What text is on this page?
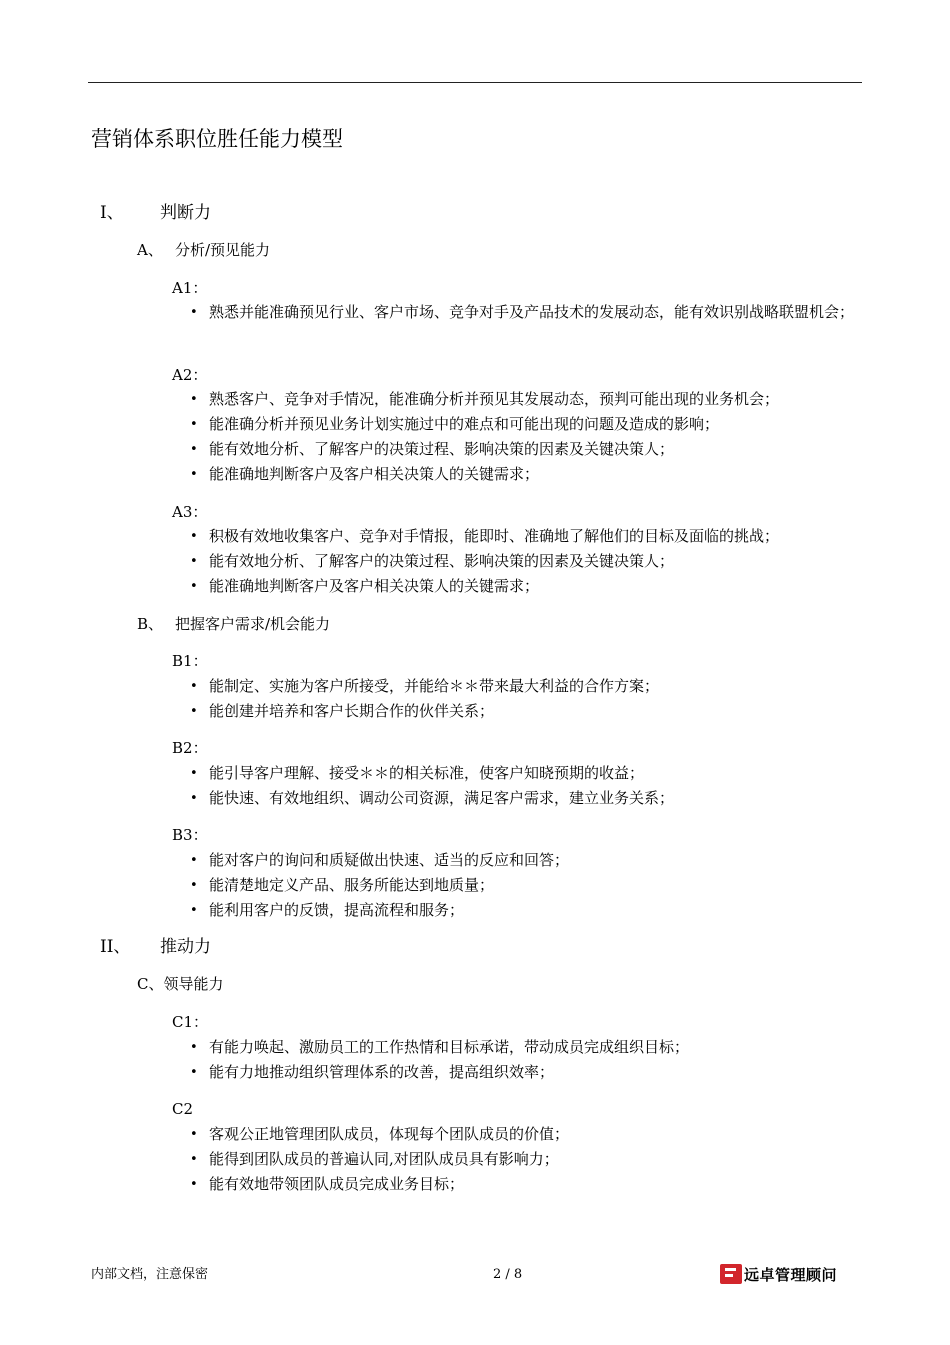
营销体系职位胜任能力模型
I、 判断力
A、 分析/预见能力
A1：
• 熟悉并能准确预见行业、客户市场、竞争对手及产品技术的发展动态，能有效识别战略联盟机会；
A2：
• 熟悉客户、竞争对手情况，能准确分析并预见其发展动态，预判可能出现的业务机会；
• 能准确分析并预见业务计划实施过中的难点和可能出现的问题及造成的影响；
• 能有效地分析、了解客户的决策过程、影响决策的因素及关键决策人；
• 能准确地判断客户及客户相关决策人的关键需求；
A3：
• 积极有效地收集客户、竞争对手情报，能即时、准确地了解他们的目标及面临的挑战；
• 能有效地分析、了解客户的决策过程、影响决策的因素及关键决策人；
• 能准确地判断客户及客户相关决策人的关键需求；
B、 把握客户需求/机会能力
B1：
• 能制定、实施为客户所接受，并能给＊＊带来最大利益的合作方案；
• 能创建并培养和客户长期合作的伙伴关系；
B2：
• 能引导客户理解、接受＊＊的相关标准，使客户知晓预期的收益；
• 能快速、有效地组织、调动公司资源，满足客户需求，建立业务关系；
B3：
• 能对客户的询问和质疑做出快速、适当的反应和回答；
• 能清楚地定义产品、服务所能达到地质量；
• 能利用客户的反馈，提高流程和服务；
II、 推动力
C、领导能力
C1：
• 有能力唤起、激励员工的工作热情和目标承诺，带动成员完成组织目标；
• 能有力地推动组织管理体系的改善，提高组织效率；
C2
• 客观公正地管理团队成员，体现每个团队成员的价值；
• 能得到团队成员的普遍认同,对团队成员具有影响力；
• 能有效地带领团队成员完成业务目标；
内部文档，注意保密	2 / 8	远卓管理顾问
